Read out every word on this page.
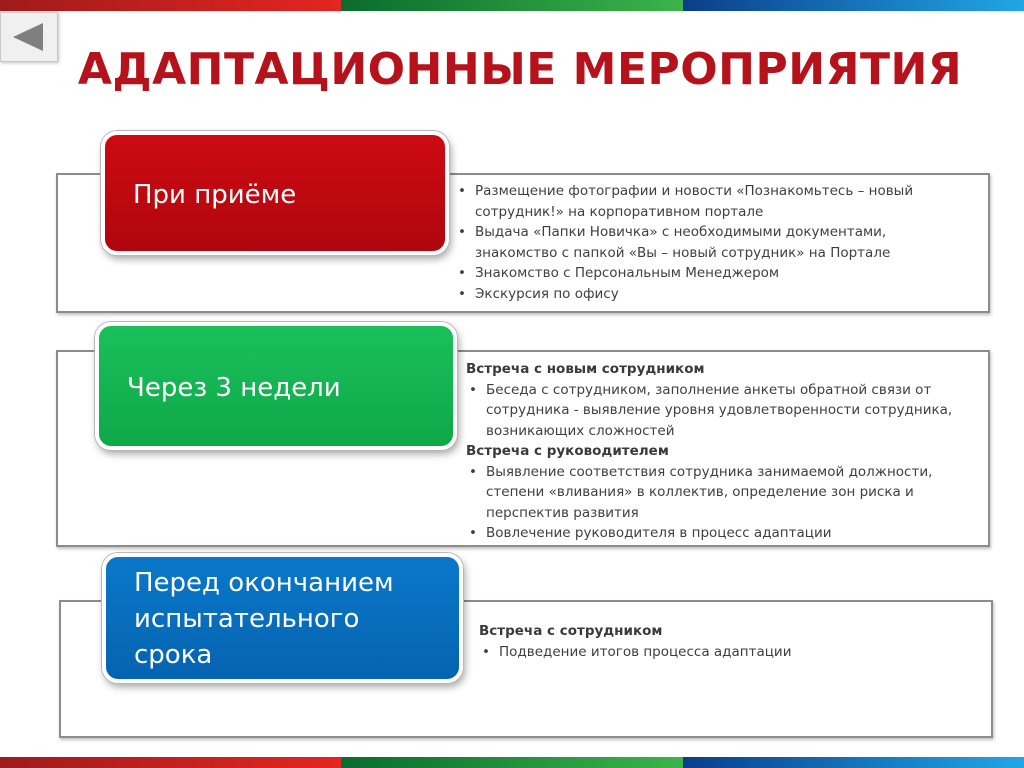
АДАПТАЦИОННЫЕ МЕРОПРИЯТИЯ
При приёме
•	Размещение фотографии и новости «Познакомьтесь – новый сотрудник!» на корпоративном портале
• Выдача «Папки Новичка» с необходимыми документами, знакомство с папкой «Вы – новый сотрудник» на Портале
• Знакомство с Персональным Менеджером
• Экскурсия по офису
Через 3 недели
Встреча с новым сотрудником
• Беседа с сотрудником, заполнение анкеты обратной связи от сотрудника - выявление уровня удовлетворенности сотрудника, возникающих сложностей
Встреча с руководителем
• Выявление соответствия сотрудника занимаемой должности, степени «вливания» в коллектив, определение зон риска и перспектив развития
• Вовлечение руководителя в процесс адаптации
Перед окончанием
испытательного
срока
Встреча с сотрудником
• Подведение итогов процесса адаптации
